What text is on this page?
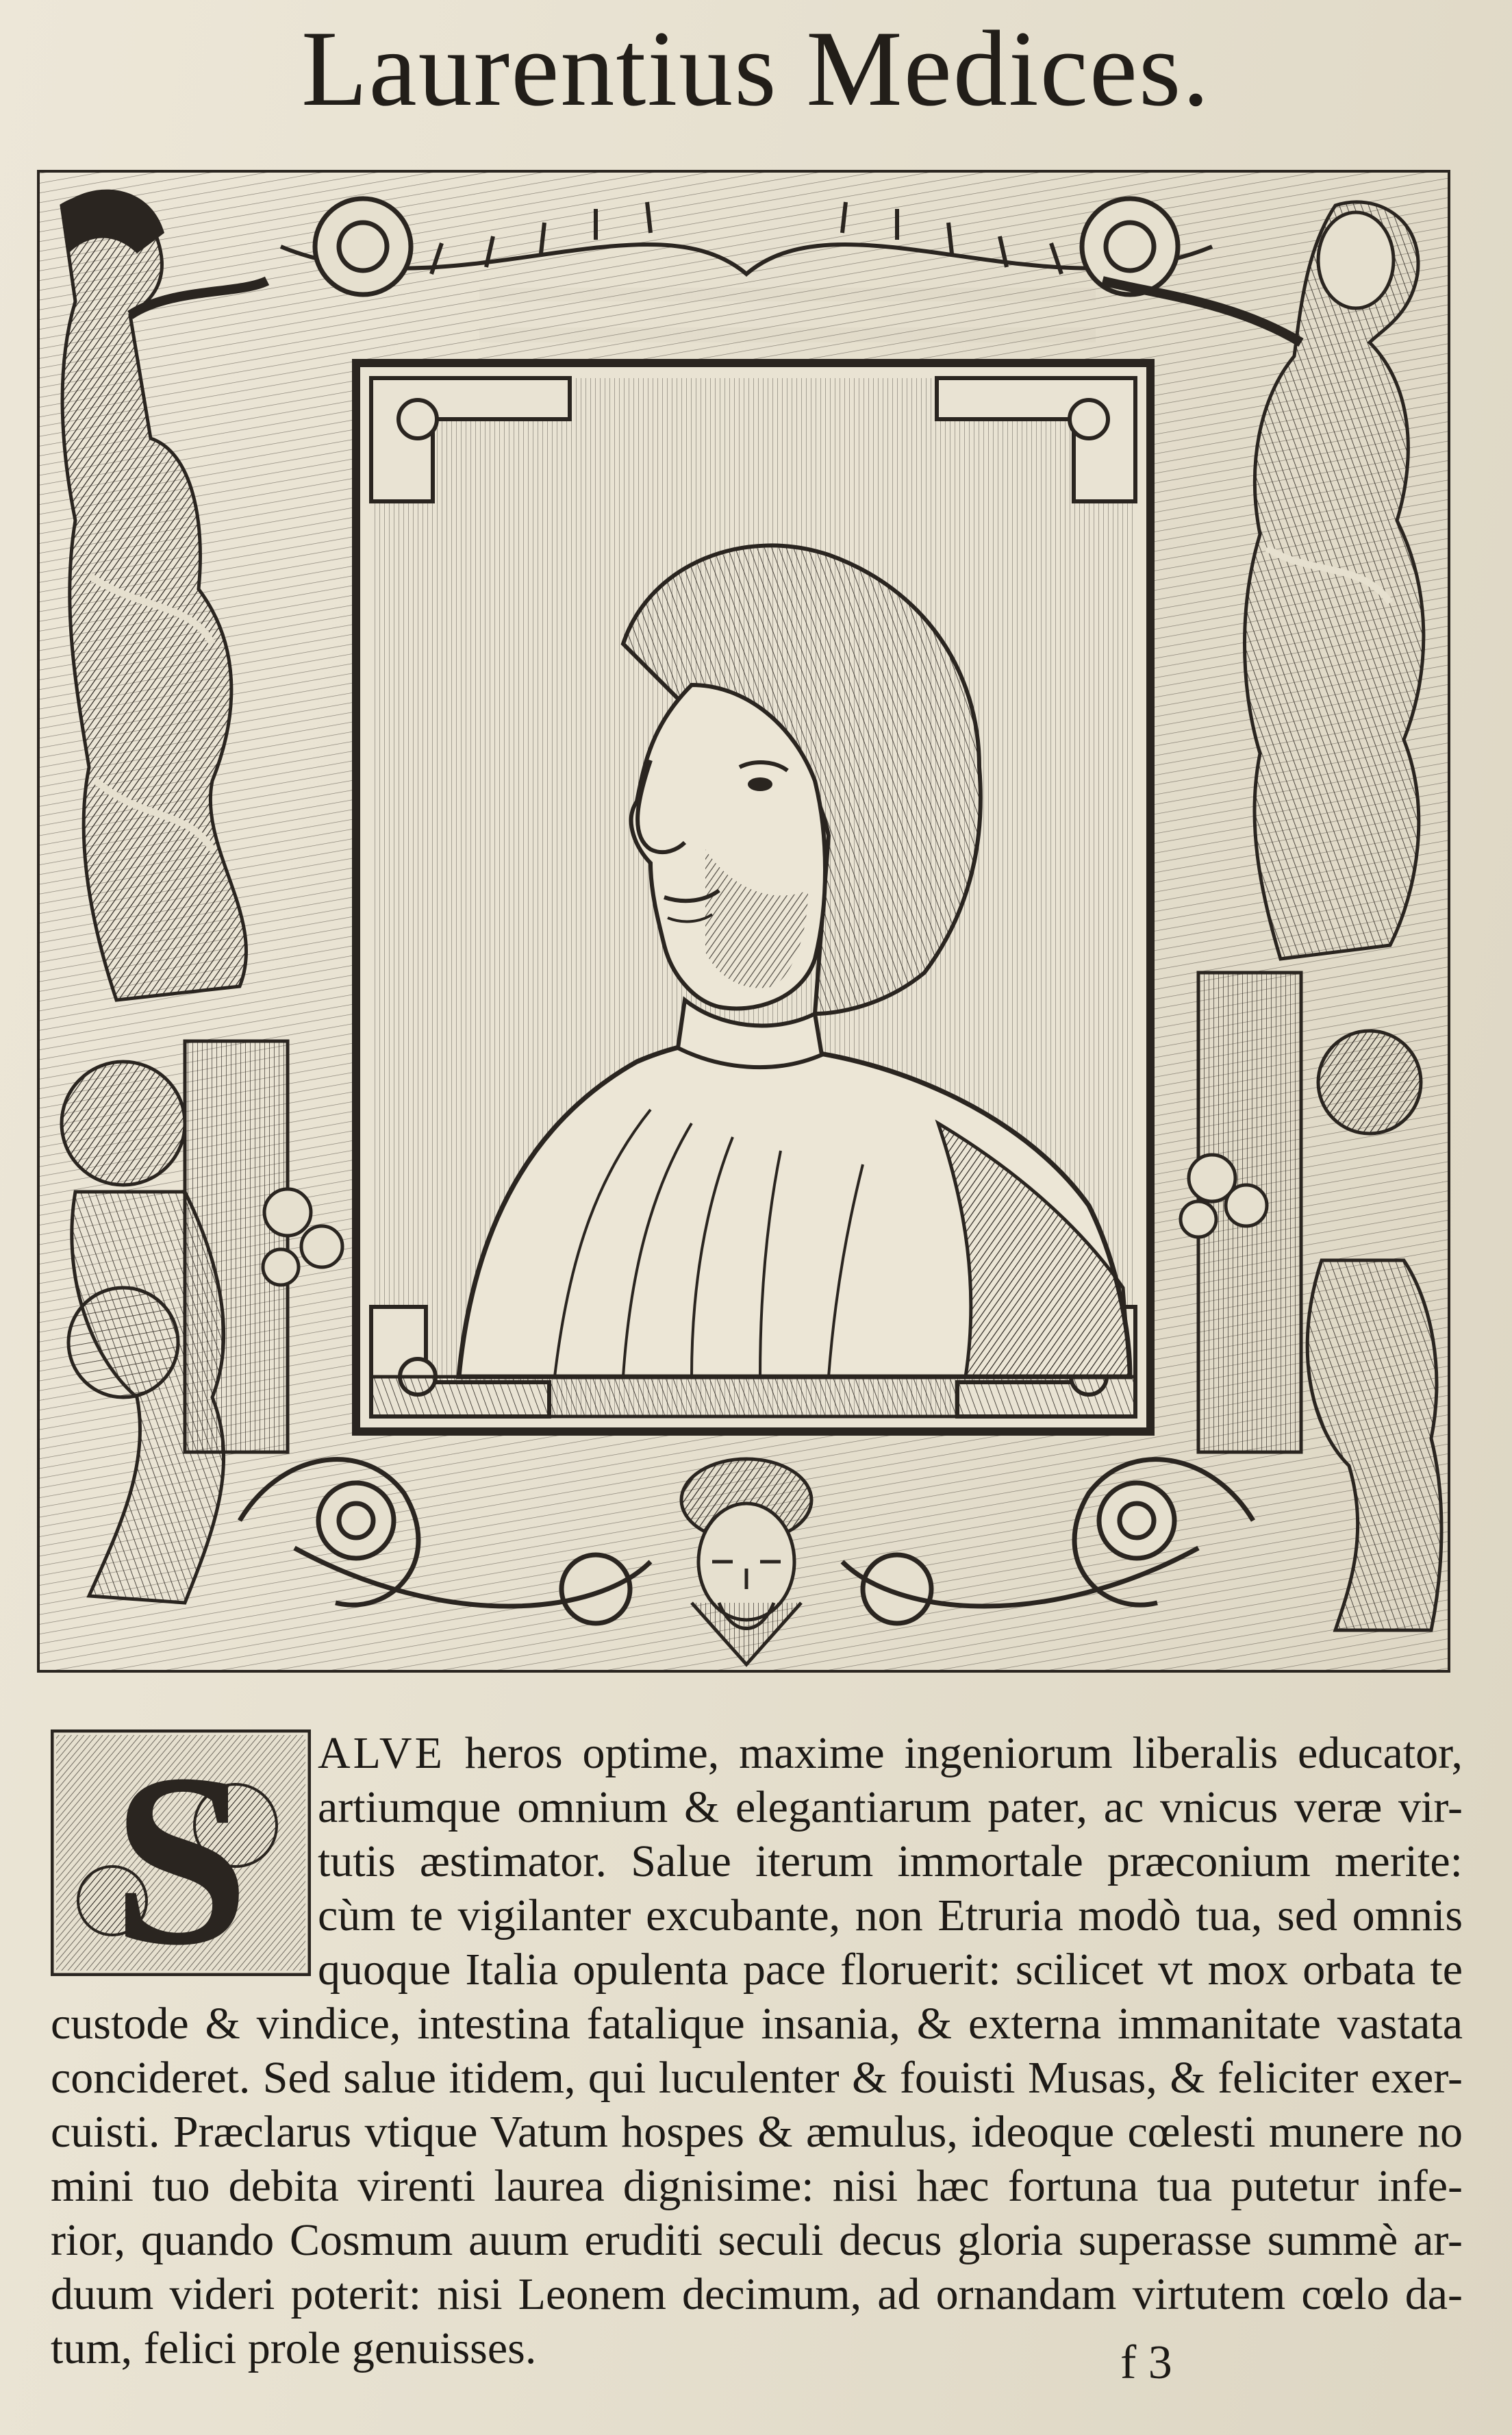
Laurentius Medices.
S	ALVE heros optime, maxime ingeniorum liberalis educator,
artiumque omnium & elegantiarum pater, ac vnicus veræ vir-
tutis æstimator. Salue iterum immortale præconium merite:
cùm te vigilanter excubante, non Etruria modò tua, sed omnis
quoque Italia opulenta pace floruerit: scilicet vt mox orbata te
custode & vindice, intestina fatalique insania, & externa immanitate vastata
concideret. Sed salue itidem, qui luculenter & fouisti Musas, & feliciter exer-
cuisti. Præclarus vtique Vatum hospes & æmulus, ideoque cœlesti munere no
mini tuo debita virenti laurea dignisime: nisi hæc fortuna tua putetur infe-
rior, quando Cosmum auum eruditi seculi decus gloria superasse summè ar-
duum videri poterit: nisi Leonem decimum, ad ornandam virtutem cœlo da-
tum, felici prole genuisses.	f 3
